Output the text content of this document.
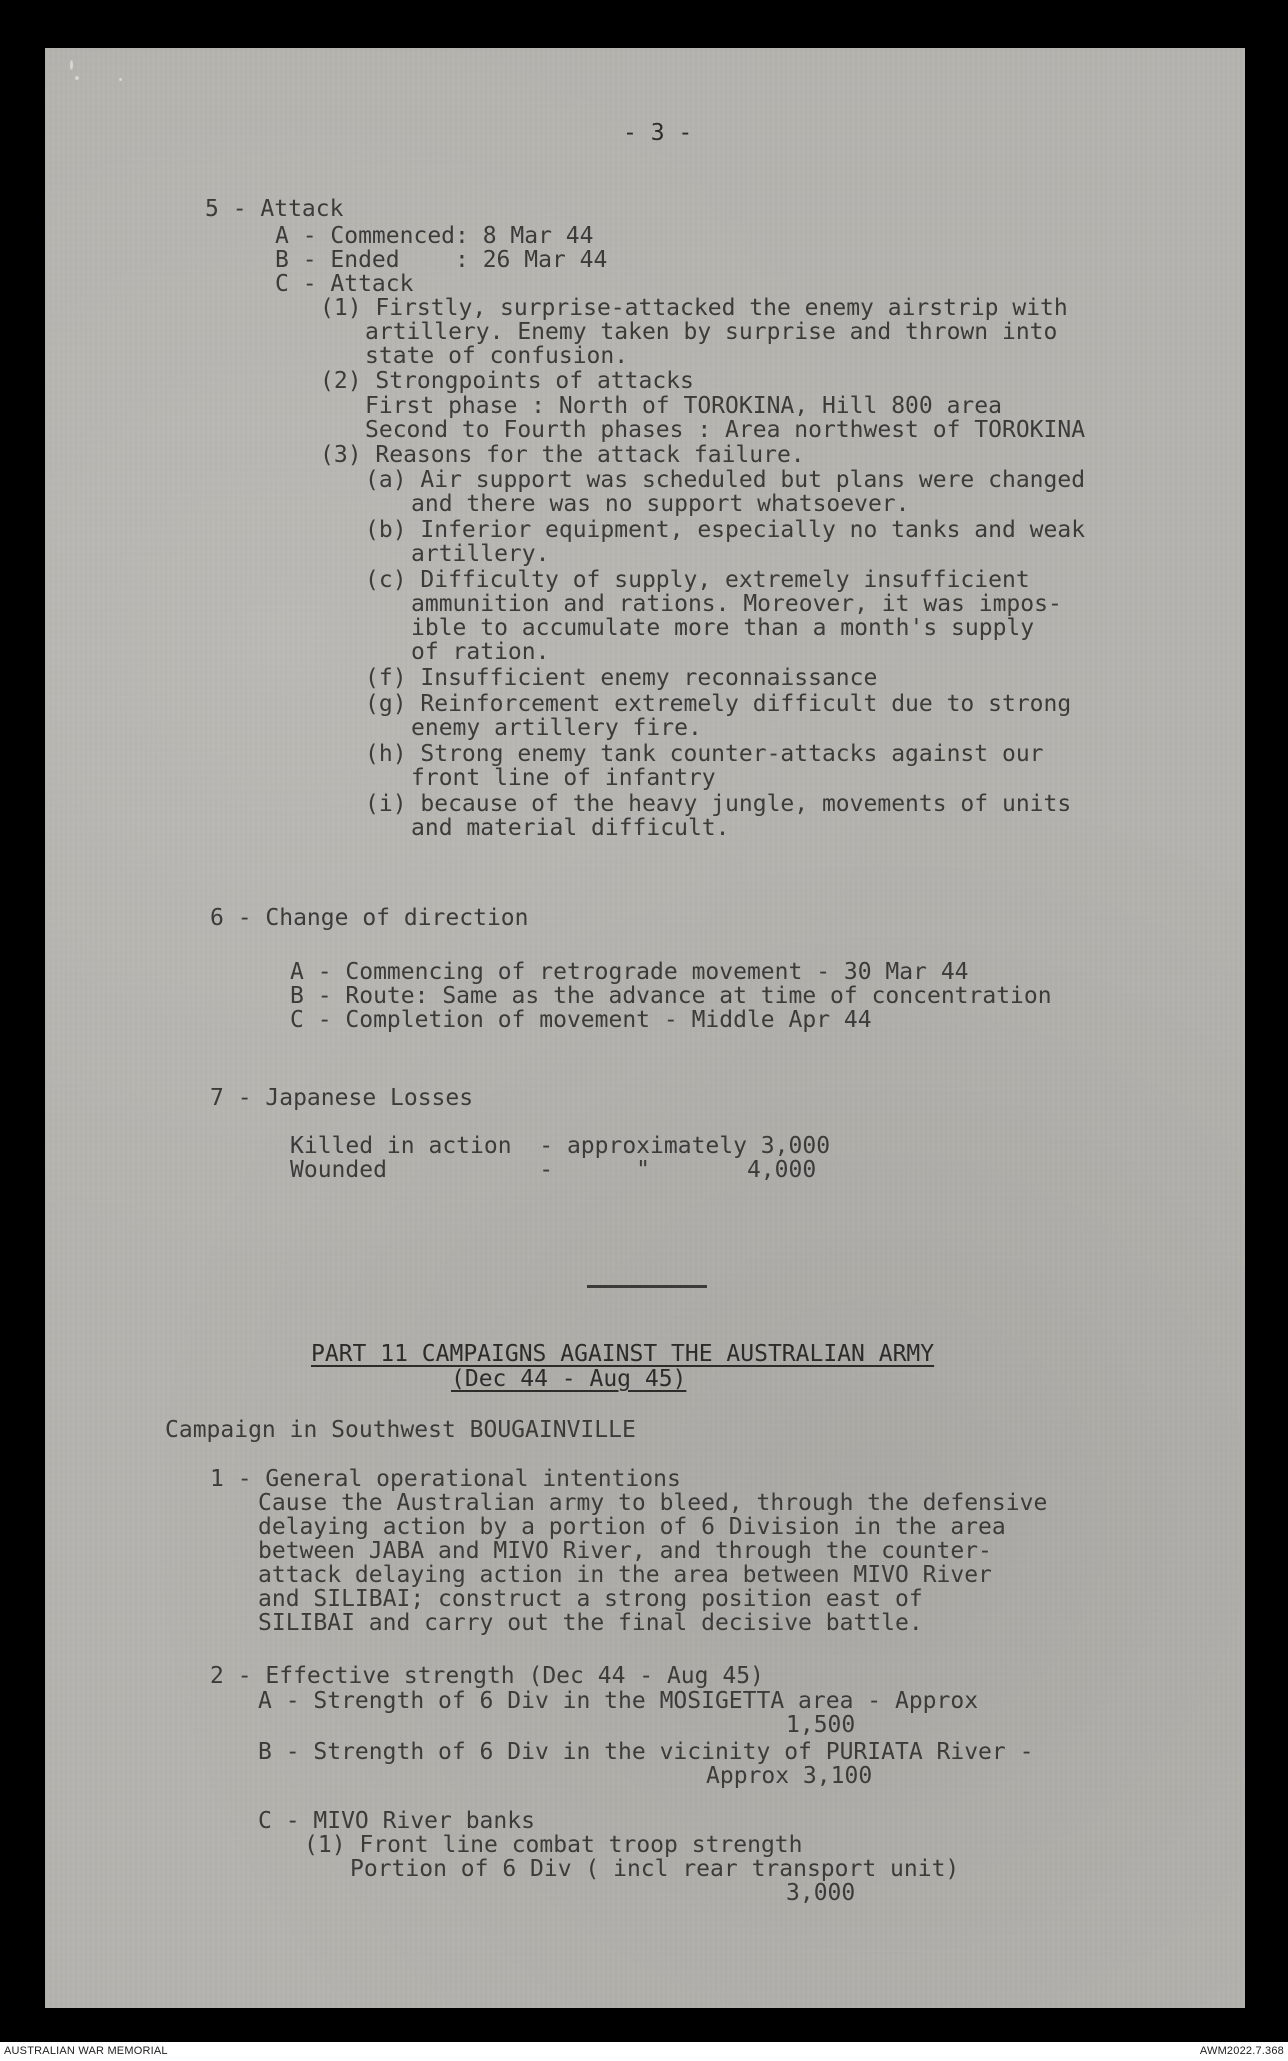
- 3 -
5 - Attack
A - Commenced: 8 Mar 44
B - Ended    : 26 Mar 44
C - Attack
(1) Firstly, surprise-attacked the enemy airstrip with
artillery. Enemy taken by surprise and thrown into
state of confusion.
(2) Strongpoints of attacks
First phase : North of TOROKINA, Hill 800 area
Second to Fourth phases : Area northwest of TOROKINA
(3) Reasons for the attack failure.
(a) Air support was scheduled but plans were changed
and there was no support whatsoever.
(b) Inferior equipment, especially no tanks and weak
artillery.
(c) Difficulty of supply, extremely insufficient
ammunition and rations. Moreover, it was impos-
ible to accumulate more than a month's supply
of ration.
(f) Insufficient enemy reconnaissance
(g) Reinforcement extremely difficult due to strong
enemy artillery fire.
(h) Strong enemy tank counter-attacks against our
front line of infantry
(i) because of the heavy jungle, movements of units
and material difficult.
6 - Change of direction
A - Commencing of retrograde movement - 30 Mar 44
B - Route: Same as the advance at time of concentration
C - Completion of movement - Middle Apr 44
7 - Japanese Losses
Killed in action  - approximately 3,000
Wounded           -      "       4,000
PART 11 CAMPAIGNS AGAINST THE AUSTRALIAN ARMY
(Dec 44 - Aug 45)
Campaign in Southwest BOUGAINVILLE
1 - General operational intentions
Cause the Australian army to bleed, through the defensive
delaying action by a portion of 6 Division in the area
between JABA and MIVO River, and through the counter-
attack delaying action in the area between MIVO River
and SILIBAI; construct a strong position east of
SILIBAI and carry out the final decisive battle.
2 - Effective strength (Dec 44 - Aug 45)
A - Strength of 6 Div in the MOSIGETTA area - Approx
1,500
B - Strength of 6 Div in the vicinity of PURIATA River -
Approx 3,100
C - MIVO River banks
(1) Front line combat troop strength
Portion of 6 Div ( incl rear transport unit)
3,000
AUSTRALIAN WAR MEMORIAL	AWM2022.7.368
